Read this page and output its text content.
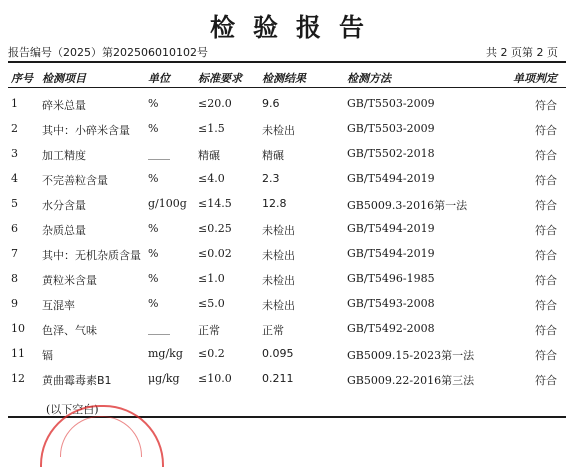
检验报告
报告编号（2025）第202506010102号	共 2 页第 2 页
序号 检测项目	单位	标准要求 检测结果	检测方法	单项判定
1 碎米总量	%	≤20.0	9.6	GB/T5503-2009	符合
2 其中：小碎米含量 %	≤1.5	未检出	GB/T5503-2009	符合
3 加工精度	____	精碾	精碾	GB/T5502-2018	符合
4 不完善粒含量	%	≤4.0	2.3	GB/T5494-2019	符合
5 水分含量	g/100g ≤14.5	12.8	GB5009.3-2016第一法	符合
6 杂质总量	%	≤0.25	未检出	GB/T5494-2019	符合
7 其中：无机杂质含量 %	≤0.02	未检出	GB/T5494-2019	符合
8 黄粒米含量	%	≤1.0	未检出	GB/T5496-1985	符合
9 互混率	%	≤5.0	未检出	GB/T5493-2008	符合
10 色泽、气味	____	正常	正常	GB/T5492-2008	符合
11 镉	mg/kg ≤0.2	0.095	GB5009.15-2023第一法	符合
12 黄曲霉毒素B1	μg/kg ≤10.0	0.211	GB5009.22-2016第三法	符合
(以下空白)
